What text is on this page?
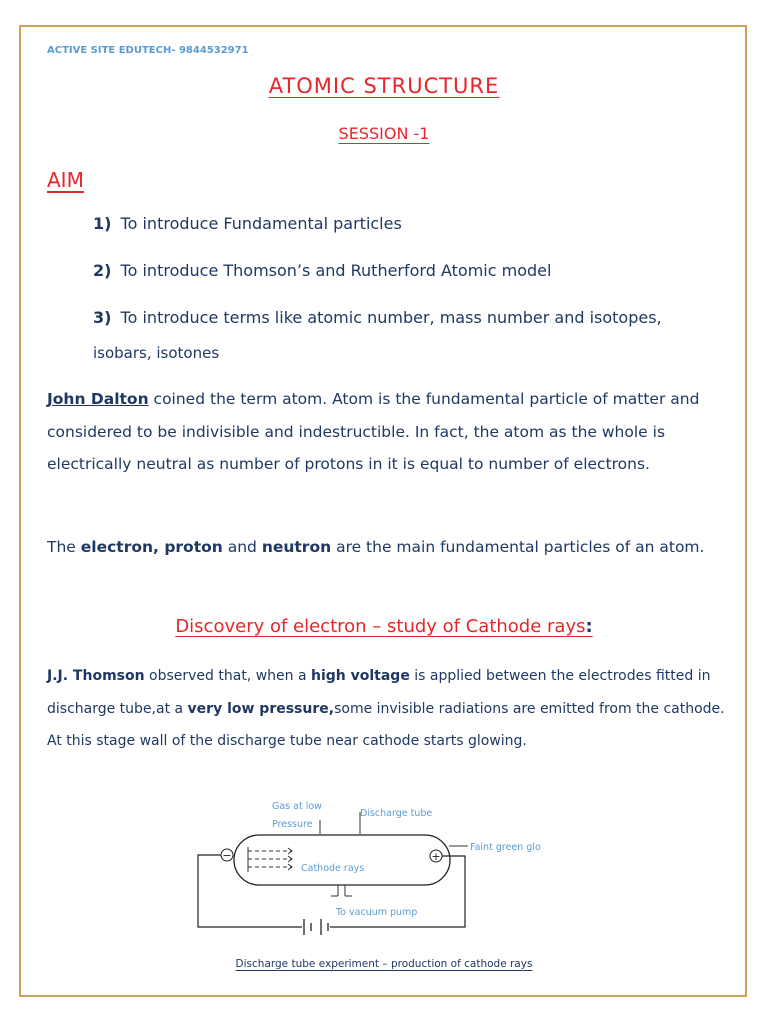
ACTIVE SITE EDUTECH- 9844532971
ATOMIC STRUCTURE
SESSION -1
AIM
1) To introduce Fundamental particles
2) To introduce Thomson’s and Rutherford Atomic model
3) To introduce terms like atomic number, mass number and isotopes,
isobars, isotones
John Dalton coined the term atom. Atom is the fundamental particle of matter and considered to be indivisible and indestructible. In fact, the atom as the whole is electrically neutral as number of protons in it is equal to number of electrons.
The electron, proton and neutron are the main fundamental particles of an atom.
Discovery of electron – study of Cathode rays:
J.J. Thomson observed that, when a high voltage is applied between the electrodes fitted in discharge tube,at a very low pressure,some invisible radiations are emitted from the cathode. At this stage wall of the discharge tube near cathode starts glowing.
Gas at low
Pressure
Discharge tube
Faint green glo
Cathode rays
To vacuum pump
−	+
Discharge tube experiment – production of cathode rays
